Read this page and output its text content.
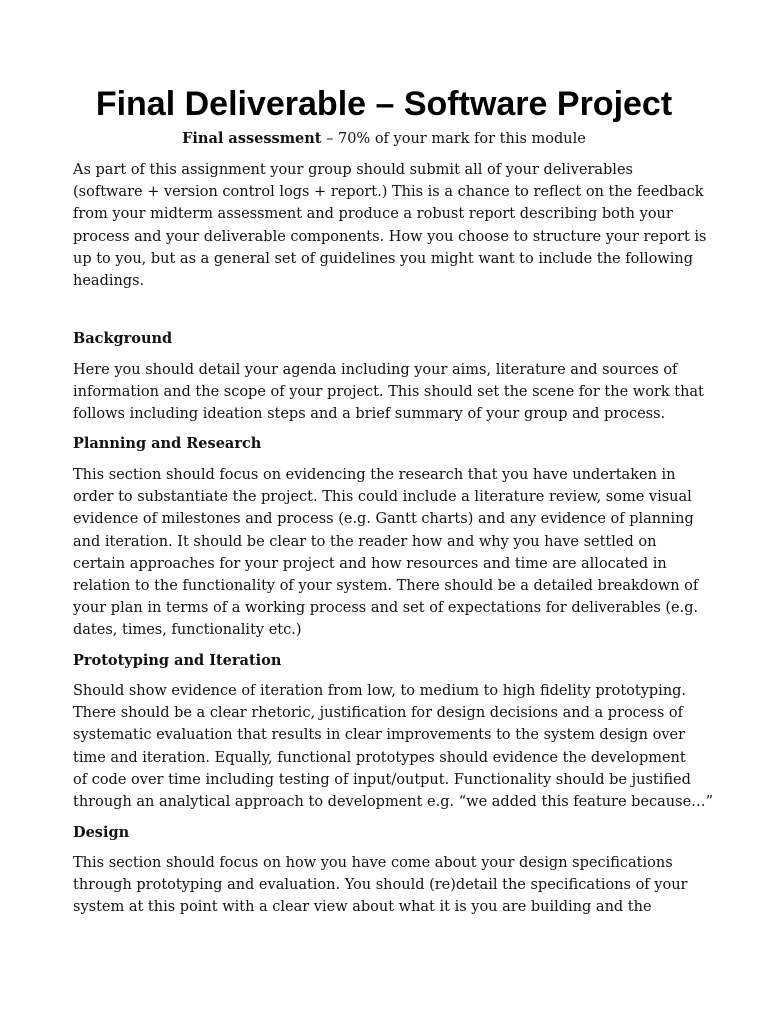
Final Deliverable – Software Project

Final assessment – 70% of your mark for this module

As part of this assignment your group should submit all of your deliverables
(software + version control logs + report.) This is a chance to reflect on the feedback
from your midterm assessment and produce a robust report describing both your
process and your deliverable components. How you choose to structure your report is
up to you, but as a general set of guidelines you might want to include the following
headings.

Background

Here you should detail your agenda including your aims, literature and sources of
information and the scope of your project. This should set the scene for the work that
follows including ideation steps and a brief summary of your group and process.

Planning and Research

This section should focus on evidencing the research that you have undertaken in
order to substantiate the project. This could include a literature review, some visual
evidence of milestones and process (e.g. Gantt charts) and any evidence of planning
and iteration. It should be clear to the reader how and why you have settled on
certain approaches for your project and how resources and time are allocated in
relation to the functionality of your system. There should be a detailed breakdown of
your plan in terms of a working process and set of expectations for deliverables (e.g.
dates, times, functionality etc.)

Prototyping and Iteration

Should show evidence of iteration from low, to medium to high fidelity prototyping.
There should be a clear rhetoric, justification for design decisions and a process of
systematic evaluation that results in clear improvements to the system design over
time and iteration. Equally, functional prototypes should evidence the development
of code over time including testing of input/output. Functionality should be justified
through an analytical approach to development e.g. “we added this feature because…”

Design

This section should focus on how you have come about your design specifications
through prototyping and evaluation. You should (re)detail the specifications of your
system at this point with a clear view about what it is you are building and the
